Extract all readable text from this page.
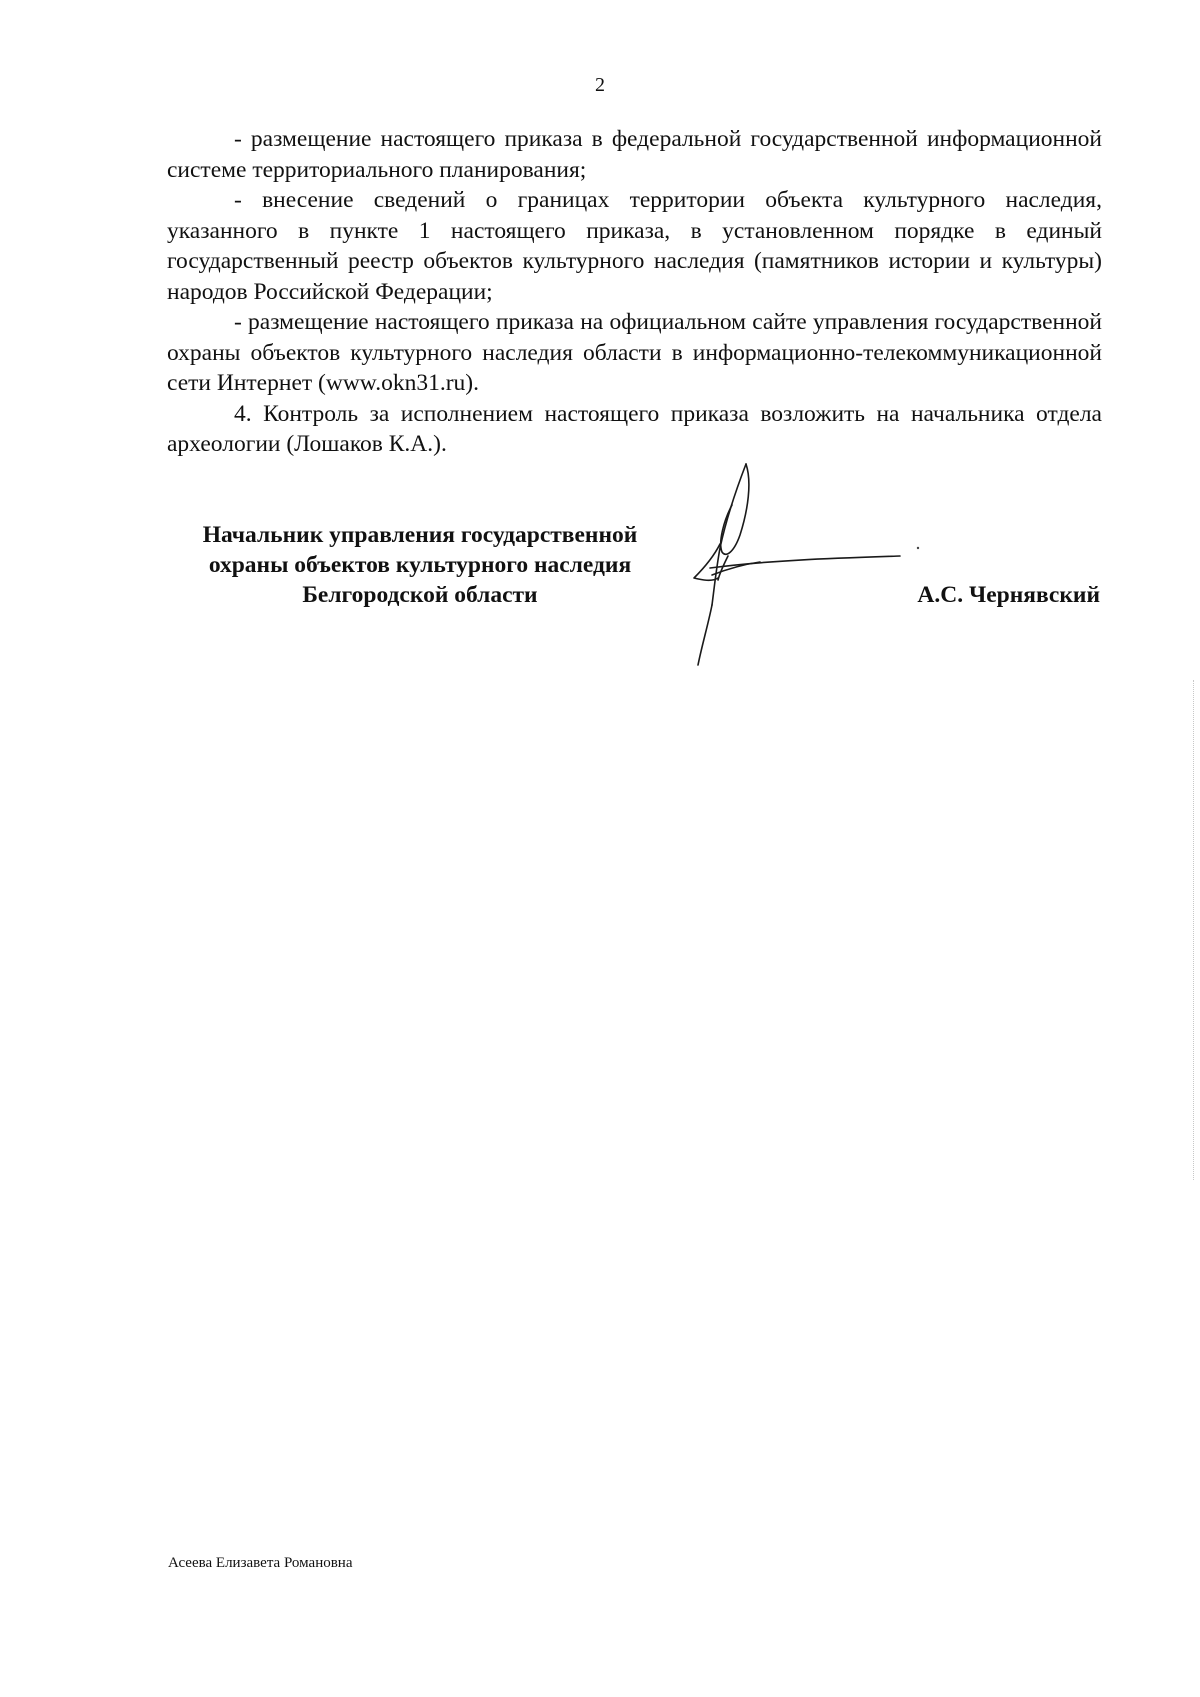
2

- размещение настоящего приказа в федеральной государственной информационной системе территориального планирования;

- внесение сведений о границах территории объекта культурного наследия, указанного в пункте 1 настоящего приказа, в установленном порядке в единый государственный реестр объектов культурного наследия (памятников истории и культуры) народов Российской Федерации;

- размещение настоящего приказа на официальном сайте управления государственной охраны объектов культурного наследия области в информационно-телекоммуникационной сети Интернет (www.okn31.ru).

4. Контроль за исполнением настоящего приказа возложить на начальника отдела археологии (Лошаков К.А.).

Начальник управления государственной
охраны объектов культурного наследия
Белгородской области	А.С. Чернявский
Асеева Елизавета Романовна
